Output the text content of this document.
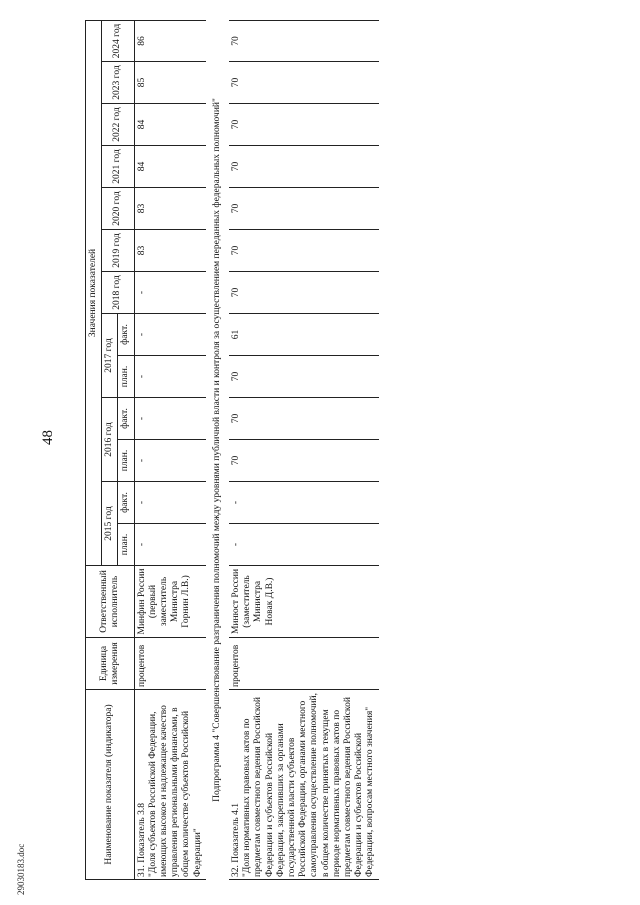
48
29030183.doc
Наименование показателя (индикатора)	Единица измерения	Ответственный исполнитель	Значения показателей												
			2015 год		2016 год		2017 год		2018 год	2019 год	2020 год	2021 год	2022 год	2023 год	2024 год
			план.	факт.	план.	факт.	план.	факт.							
31. Показатель 3.8
"Доля субъектов Российской Федерации, имеющих высокое и надлежащее качество управления региональными финансами, в общем количестве субъектов Российской Федерации"	процентов	Минфин России (первый заместитель Министра Горнин Л.В.)	-	-	-	-	-	-	-	83	83	84	84	85	86
Подпрограмма 4 "Совершенствование разграничения полномочий между уровнями публичной власти и контроля за осуществлением переданных федеральных полномочий"															
32. Показатель 4.1
"Доля нормативных правовых актов по предметам совместного ведения Российской Федерации и субъектов Российской Федерации, закрепивших за органами государственной власти субъектов Российской Федерации, органами местного самоуправления осуществление полномочий, в общем количестве принятых в текущем периоде нормативных правовых актов по предметам совместного ведения Российской Федерации и субъектов Российской Федерации, вопросам местного значения"	процентов	Минюст России (заместитель Министра Новак Д.В.)	-	-	70	70	70	61	70	70	70	70	70	70	70
